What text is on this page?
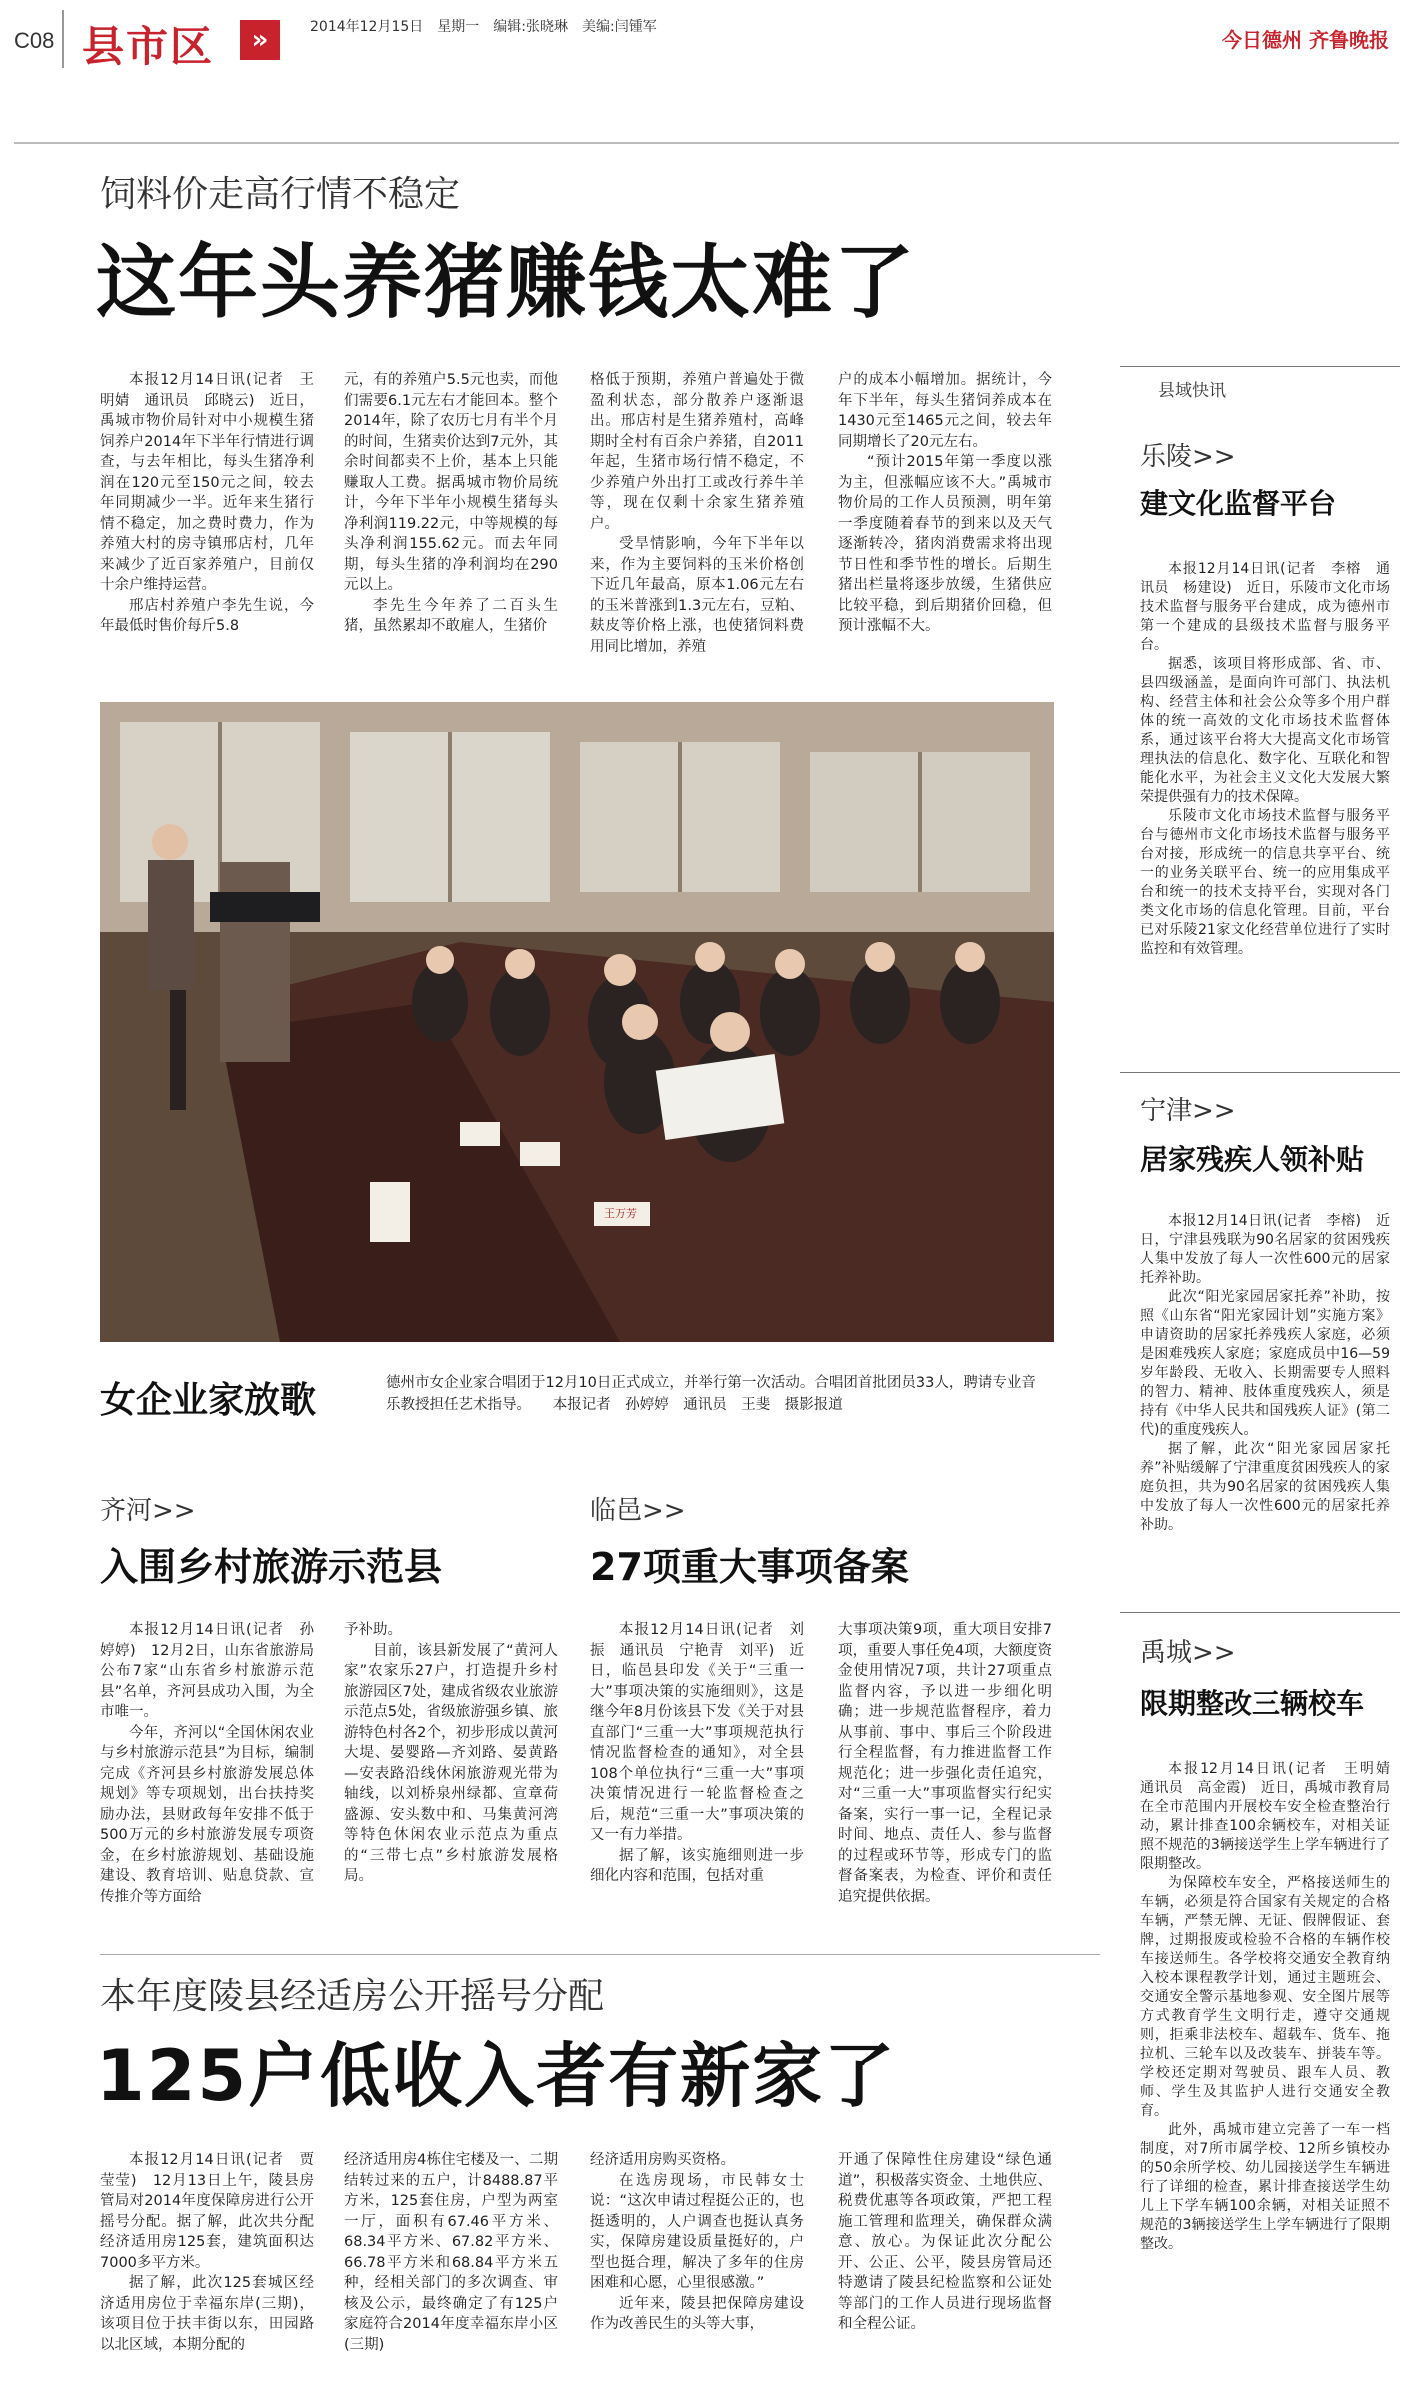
C08 县市区	»	2014年12月15日　星期一　编辑:张晓琳　美编:闫锺军
今日德州 齐鲁晚报
饲料价走高行情不稳定
这年头养猪赚钱太难了

本报12月14日讯(记者　王明婧　通讯员　邱晓云)　近日，禹城市物价局针对中小规模生猪饲养户2014年下半年行情进行调查，与去年相比，每头生猪净利润在120元至150元之间，较去年同期减少一半。近年来生猪行情不稳定，加之费时费力，作为养殖大村的房寺镇邢店村，几年来减少了近百家养殖户，目前仅十余户维持运营。

邢店村养殖户李先生说，今年最低时售价每斤5.8

元，有的养殖户5.5元也卖，而他们需要6.1元左右才能回本。整个2014年，除了农历七月有半个月的时间，生猪卖价达到7元外，其余时间都卖不上价，基本上只能赚取人工费。据禹城市物价局统计，今年下半年小规模生猪每头净利润119.22元，中等规模的每头净利润155.62元。而去年同期，每头生猪的净利润均在290元以上。

李先生今年养了二百头生猪，虽然累却不敢雇人，生猪价

格低于预期，养殖户普遍处于微盈利状态，部分散养户逐渐退出。邢店村是生猪养殖村，高峰期时全村有百余户养猪，自2011年起，生猪市场行情不稳定，不少养殖户外出打工或改行养牛羊等，现在仅剩十余家生猪养殖户。

受旱情影响，今年下半年以来，作为主要饲料的玉米价格创下近几年最高，原本1.06元左右的玉米普涨到1.3元左右，豆粕、麸皮等价格上涨，也使猪饲料费用同比增加，养殖

户的成本小幅增加。据统计，今年下半年，每头生猪饲养成本在1430元至1465元之间，较去年同期增长了20元左右。

“预计2015年第一季度以涨为主，但涨幅应该不大。”禹城市物价局的工作人员预测，明年第一季度随着春节的到来以及天气逐渐转冷，猪肉消费需求将出现节日性和季节性的增长。后期生猪出栏量将逐步放缓，生猪供应比较平稳，到后期猪价回稳，但预计涨幅不大。

王万芳
女企业家放歌	德州市女企业家合唱团于12月10日正式成立，并举行第一次活动。合唱团首批团员33人，聘请专业音乐教授担任艺术指导。　　本报记者　孙婷婷　通讯员　王斐　摄影报道
齐河>>
入围乡村旅游示范县

本报12月14日讯(记者　孙婷婷)　12月2日，山东省旅游局公布7家“山东省乡村旅游示范县”名单，齐河县成功入围，为全市唯一。

今年，齐河以“全国休闲农业与乡村旅游示范县”为目标，编制完成《齐河县乡村旅游发展总体规划》等专项规划，出台扶持奖励办法，县财政每年安排不低于500万元的乡村旅游发展专项资金，在乡村旅游规划、基础设施建设、教育培训、贴息贷款、宣传推介等方面给

予补助。

目前，该县新发展了“黄河人家”农家乐27户，打造提升乡村旅游园区7处，建成省级农业旅游示范点5处，省级旅游强乡镇、旅游特色村各2个，初步形成以黄河大堤、晏婴路—齐刘路、晏黄路—安表路沿线休闲旅游观光带为轴线，以刘桥泉州绿都、宣章荷盛源、安头数中和、马集黄河湾等特色休闲农业示范点为重点的“三带七点”乡村旅游发展格局。

临邑>>
27项重大事项备案

本报12月14日讯(记者　刘振　通讯员　宁艳青　刘平)　近日，临邑县印发《关于“三重一大”事项决策的实施细则》，这是继今年8月份该县下发《关于对县直部门“三重一大”事项规范执行情况监督检查的通知》，对全县108个单位执行“三重一大”事项决策情况进行一轮监督检查之后，规范“三重一大”事项决策的又一有力举措。

据了解，该实施细则进一步细化内容和范围，包括对重

大事项决策9项，重大项目安排7项，重要人事任免4项，大额度资金使用情况7项，共计27项重点监督内容，予以进一步细化明确；进一步规范监督程序，着力从事前、事中、事后三个阶段进行全程监督，有力推进监督工作规范化；进一步强化责任追究，对“三重一大”事项监督实行纪实备案，实行一事一记，全程记录时间、地点、责任人、参与监督的过程或环节等，形成专门的监督备案表，为检查、评价和责任追究提供依据。

本年度陵县经适房公开摇号分配
125户低收入者有新家了

本报12月14日讯(记者　贾莹莹)　12月13日上午，陵县房管局对2014年度保障房进行公开摇号分配。据了解，此次共分配经济适用房125套，建筑面积达7000多平方米。

据了解，此次125套城区经济适用房位于幸福东岸(三期)，该项目位于扶丰街以东，田园路以北区域，本期分配的

经济适用房4栋住宅楼及一、二期结转过来的五户，计8488.87平方米，125套住房，户型为两室一厅，面积有67.46平方米、68.34平方米、67.82平方米、66.78平方米和68.84平方米五种，经相关部门的多次调查、审核及公示，最终确定了有125户家庭符合2014年度幸福东岸小区(三期)

经济适用房购买资格。

在选房现场，市民韩女士说：“这次申请过程挺公正的，也挺透明的，人户调查也挺认真务实，保障房建设质量挺好的，户型也挺合理，解决了多年的住房困难和心愿，心里很感激。”

近年来，陵县把保障房建设作为改善民生的头等大事，

开通了保障性住房建设“绿色通道”，积极落实资金、土地供应、税费优惠等各项政策，严把工程施工管理和监理关，确保群众满意、放心。为保证此次分配公开、公正、公平，陵县房管局还特邀请了陵县纪检监察和公证处等部门的工作人员进行现场监督和全程公证。

县域快讯
乐陵>>
建文化监督平台

本报12月14日讯(记者　李榕　通讯员　杨建设)　近日，乐陵市文化市场技术监督与服务平台建成，成为德州市第一个建成的县级技术监督与服务平台。

据悉，该项目将形成部、省、市、县四级涵盖，是面向许可部门、执法机构、经营主体和社会公众等多个用户群体的统一高效的文化市场技术监督体系，通过该平台将大大提高文化市场管理执法的信息化、数字化、互联化和智能化水平，为社会主义文化大发展大繁荣提供强有力的技术保障。

乐陵市文化市场技术监督与服务平台与德州市文化市场技术监督与服务平台对接，形成统一的信息共享平台、统一的业务关联平台、统一的应用集成平台和统一的技术支持平台，实现对各门类文化市场的信息化管理。目前，平台已对乐陵21家文化经营单位进行了实时监控和有效管理。

宁津>>
居家残疾人领补贴

本报12月14日讯(记者　李榕)　近日，宁津县残联为90名居家的贫困残疾人集中发放了每人一次性600元的居家托养补助。

此次“阳光家园居家托养”补助，按照《山东省“阳光家园计划”实施方案》申请资助的居家托养残疾人家庭，必须是困难残疾人家庭；家庭成员中16—59岁年龄段、无收入、长期需要专人照料的智力、精神、肢体重度残疾人，须是持有《中华人民共和国残疾人证》(第二代)的重度残疾人。

据了解，此次“阳光家园居家托养”补贴缓解了宁津重度贫困残疾人的家庭负担，共为90名居家的贫困残疾人集中发放了每人一次性600元的居家托养补助。

禹城>>
限期整改三辆校车

本报12月14日讯(记者　王明婧　通讯员　高金霞)　近日，禹城市教育局在全市范围内开展校车安全检查整治行动，累计排查100余辆校车，对相关证照不规范的3辆接送学生上学车辆进行了限期整改。

为保障校车安全，严格接送师生的车辆，必须是符合国家有关规定的合格车辆，严禁无牌、无证、假牌假证、套牌，过期报废或检验不合格的车辆作校车接送师生。各学校将交通安全教育纳入校本课程教学计划，通过主题班会、交通安全警示基地参观、安全图片展等方式教育学生文明行走，遵守交通规则，拒乘非法校车、超载车、货车、拖拉机、三轮车以及改装车、拼装车等。学校还定期对驾驶员、跟车人员、教师、学生及其监护人进行交通安全教育。

此外，禹城市建立完善了一车一档制度，对7所市属学校、12所乡镇校办的50余所学校、幼儿园接送学生车辆进行了详细的检查，累计排查接送学生幼儿上下学车辆100余辆，对相关证照不规范的3辆接送学生上学车辆进行了限期整改。
